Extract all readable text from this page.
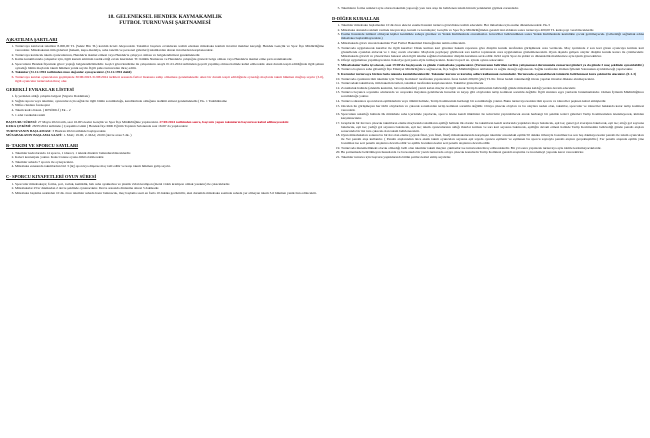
18. GELENEKSEL HENDEK KAYMAKAMLIK
FUTBOL TURNUVASI ŞARTNAMESİ
A)KATILMA ŞARTLARI
1. Turnuvaya katılacak takımlar 8.000,00 TL (Sekiz Bin TL) katılım ücreti ödeyecektir. Takımlar başvuru evraklarını teslim ederken müsabaka katılım ücretini makbuz karşılığı Hendek Gençlik ve Spor İlçe Müdürlüğüne verecekler. Müsabakanın tüm giderleri (hakem, kupa-madalya, saha tanzim ve personel giderleri) takımlardan alınan ücretlerden karşılanacaktır.
2. Turnuvaya katılacak takım oyuncularının, Hendek'te ikamet etmesi veya Hendek'te çalışıyor olması ve belgelendirmesi gerekmektedir.
3. Kamu kurumlarında çalışanlar için, ilgili kurum amirinin tasdik ettiği evrak üzerinden TC Kimlik Numarası ve Hendek'te çalıştığını gösterir belge olması veya Hendek'te ikamet etme şartı aranmaktadır.
4. Sporcuların Hendek İlçesinde görev yaptığı belgelendirilmelidir. Geçici görevlendirme ile çalışanların onaylı 01.01.2024 tarihinden geçerli yapılmış olması halinde kabul edilecektir. Aksi durum tespit edildiğinde ilgili şahsın oynadığı bütün maçlarda takım hükmen yenik sayılır. İlgili şahıs turnuvadan ihraç edilir.
5. Takımlar (31.12.1994 tarihinden önce doğanlar oynayacaktır. (31.12.1994 dahil)
6. Turnuvaya katılan oyuncuların geçmişinde 30/06/2023-31/08/2024 tarihleri arasında futbol lisansına sahip olmaması gerekmektedir. Aksi bir durum tespit edildiğinde oynadığı maçlarda takım hükmen mağlup sayılır (3-0), ilgili oyuncular turnuvadan ihraç olur.
GEREKLİ EVRAKLAR LİSTESİ
1. İş yerinden aldığı çalışma belgesi (Sigorta Dokümanı)
2. Sağlık raporu veya takımlar, oyuncuları için sağlık ile ilgili bütün sorumluluğu, kendilerinde olduğunu taahhüt etmesi gerekmektedir.( Ek- 1 Taahhütname
3. Nüfus cüzdanı fotokopisi
4. Takım kadro listesi. ( RESİMLİ ) Ek – 2
5. 1 adet vesikalık resim
BAŞVURU SÜRESİ: 27 Mayıs 2024 tarih, saat 16.00'a kadar Gençlik ve Spor İlçe Müdürlüğüne yapılacaktır. 27/05/2024 tarihinden sonra, başvuru yapan takımların başvurusu kabul edilmeyecektir.
KURA ÇEKİMİ: 28/05/2024 tarihinde ( Çarşamba Günü ) Hendek İlçe Milli Eğitim Toplantı Salonunda saat 16.00' da yapılacaktır
TURNUVANIN BAŞLAMASI: 3 Haziran 2024 tarihinde başlayacaktır.
MÜSABAKANIN BAŞLAMA SAATİ: 1. MAÇ 19.00, 2. MAÇ 20.00 (devre arası 5 dk. )
B- TAKIM VE SPORCU SAYILARI
1. Takımlar kadrolarında 14 sporcu, 1 idareci, 1 teknik direktör bulundurabileceklerdir.
2. Kaleci kontenjanı yoktur. Kaleci istene oyuna dâhil olabilecektir.
3. Takımlar sahada 7 sporcu ile oynayacaktır.
4. Müsabaka esnasında takımlardan biri 3 (üç) sporcuya düşerse maç tatil edilir ve karşı takım hükmen galip sayılır.
C- SPORCU KIYAFETLERİ OYUN SÜRESİ
1. Sporcular müsabakaya; forma, şort, tozluk, kemiklik, halı saha ayakkabısı ve plastik vidalı krampon (metal vidalı krampon olmak yasaktır) ile çıkacaklardır.
2. Müsabakalar 25'er dakikadan 2 devre şeklinde oynanacaktır. Devre arasında dinlenme süresi 5 dakikadır.
3. Müsabaka başlama saatinden 10 dk. önce takımlar sahada hazır bulunacak, maç başlama saati en fazla 10 dakika geciktirilir, aksi durumda müsabaka saatinde sahada yer almayan takım 3-0 hükmen yenik ilan edilecektir.
5. Takımların forma renkleri aynı olursa hakemin yapacağı yazı tura atışı ile belirlenen takım hücum yeleklerini giymek zorundadır.
D-DİĞER KURALLAR
1. Takımlar müsabaka başlamadan 10 dk önce ekte ki esame listesini turnuva görevlisine teslim edecektir. Her müsabaka için esame düzenlenecektir. Ek-3
2. Müsabaka alanında reklam vermek isteyen kişi, kurum ve kuruluşlar; Gençlik ve Spor İlçe Müdürlüğünden gerekli izni aldıktan sonra turnuvaya 400,00 TL katkı payı verebileceklerdir.
3. Esame listesinde isimleri olmayan kişiler kesinlikle sahaya giremez ve Yedek Kulübesinde oturamazlar. Görevliler belirlendikten sonra Yedek Kulübesinde kesinlikle çocuk getirmeyecek. (Güvenliği sağlamak adına müsabaka başlatılmayacaktır.)
4. Müsabakada görev alacak hakemler Faal Futbol Hakemleri Derneğinden temin edilecektir.
5. Turnuvada uygulanacak kurallar ile ilgili kurallar: Direk kırmızı kart görenler hakem raporuna göre disiplin kurulu tarafından görüşülerek ceza verilecek. Maç içerisinde 2 sarı kart gören oyuncuya kırmızı kart gösterilerek oyundan atılacak ve 1 maç cezalı olacaktır. Maçlarda peydepey görülecek sarı kartlar toplanarak ceza uygulanması gözlemlenecektir. Oyun dışında gelişen olaylar disiplin kurulu kararı ile çözülecektir. Müsabakada görevli ve yöneticilere hakaret eden ilgili takıma sağlıkta bulunanlar disiplin kuruluna sevk edilir. 6222 sayılı Spor da şiddet ve düzensizlik maddesince aynı işlem görecektirler.
6. Ofsayt uygulaması yapılmayacaktır. Kaleciye geri pasta elyle tutmayacaktır. Kaleci topu 6 sn. içinde oyuna sokacaktır.
7. Müsabakalar hafta içi olacak, saat 19:00'da başlayacak ve günde 2 müsabaka yapılacaktır. (Turnuvanın belirtilen tarihte yetişmemesi durumunda cumartesi günleri ya da günde 3 maç şeklinde oynatılabilir.)
8. Turnuva boyunca saha güvenliği İlçe Emniyet Müdürlüğünce sağlanacak, İlçe Sağlık Müdürlüğünce ambulans ve sağlık desteği sağlanacak. Sağlık tarafından Osman İyilenm Salonunun ayrılabileceği yapılacaktır.
9. Kurunlar turnuvaya birden fazla takımla katılabileceklerdir. Takımlar kurum ve kuruluş adları kullanmak zorundadır. Turnuvada oynanabilecek isimlerin belirlenmesi kura çekimi ile olacaktır. (0-1-3)
10. Turnuvada oyunların tüm takımlar için 'Tertip Komitesi' tarafından yapılacaktır. İsraz bedeli 200,00 (yüz) TL'dir. İtiraz bedeli ödenmediği itirazı yapılan itirazlar dikkate alınmayacaktır.
11. Turnuvadaki takımların, tüm hakem ücretleri, takımlar tarafından karşılanacaktır. Takımlar gösterilecek
12. Zorunluluk halinde (elektrik kesintisi, hava muhalefeti) yarım kalan maçlar da ilgili olarak Tertip Komitesinin belirlediği günde müsabaka kaldığı yerden devam edecektir.
13. Turnuva boyunca soyunma odalarında ve otoparkta meydana gelebilecek hırsızlık ve kayıp gibi olaylardan tertip komitesi sorumlu değildir. İlgili alanlara eşya yanlarda bırakmamalıdır. Osman İyilenm Müdürlüğünce sorumluluğu yoktur.
14. Turnuva süresince sporcuların eşitliklerinin veya ölümü halinde, Tertip Komitesinin herhangi bir sorumluluğu yoktur. Bunu turnuvaya katılan tüm sporcu ve idareciler peşinen kabul etmişlerdir.
15. Oncelen ile görüşmeyen her türlü olaylardan ve çıkacak sorunlardan tertip komitesi sorumlu değildir. Ortaya çıkacak olayları ve bu olaylara neden olan, takımlar, sporcular ve idareciler hakkında karar tertip komitesi verecektir.
16. Sporcunun sakatlığı halinde ilk müdahale saha içerisinde yapılacak, sporcu istene kendi imkânları ile tedavisini yaptırabilecek ancak herhangi bir şekilde tedavi giderleri Tertip Komitesinden istenmeyecek, kimden karşılanacaktır.
17. Gruplarda bir üst tura çıkacak takımların eleme maçlarında takımların eşitliği halinde ilk olarak: bu takımların kendi aralarında yaptıkları maça bakılacak, eşit ise; genel gol averajına bakılacak, eşit ise; attığı gol sayısına bakılacak, eşit ise; yediği gol sayısına bakılacak, eşit ise; takım oyuncularının aldığı ihtarlar kırmızı ve sarı kart sayısına bakılacak, eşitliğin devam etmesi halinde Tertip Komitesinin belirlediği günde penaltı atışları sonucunda bir üst tura çıkacak olan takım belirlenecektir.
18. Oyun müsabakaları sonunu bu bir üst olan eleme (çeyrek final, yarı final, final) müsabakalarında karşılaşan takımlar arasındaki eşitlik 50 dakika itibarıyla bozulmaz ise son beş dakikaya kadar penaltı ile takım oyuncuları ile 3'er penaltı atışı kullanılır. ( Penaltı atışlarından önce eksik takım oyuncuları sayısına eşit sayıda oyuncu eşitlenir ve eşitlenen bu sporcu sayısıyla penaltı atışları gerçekleştirilir.) 3'er penaltı atışında eşitlik yine bozulmaz ise seri penaltı atışlarına devam edilir ve eşitlik bozuluna kadar seri penaltı atışlarına devam edilir.
19. Turnuvada mutemetlikteki olacak olmadığı belli olan takımlar takım maçları çıkmazlar ise turnuvadan ihraç edileceklerdir. Bir yıl sonra yapılacak turnuvaya aynı isimle katılamayacaklardır.
20. Bu şartnamede belirtilmeyen hususlarda ve bu konuda bir yazılı turnuvada ortaya çıkacak konularda Tertip Komitesi gerekli araştırma ve incelemeyi yaparak karar verecektirler.
21. Takımlar turnuva için başvuru yaptıklarında bütün şartları kabul etmiş sayılırlar.
